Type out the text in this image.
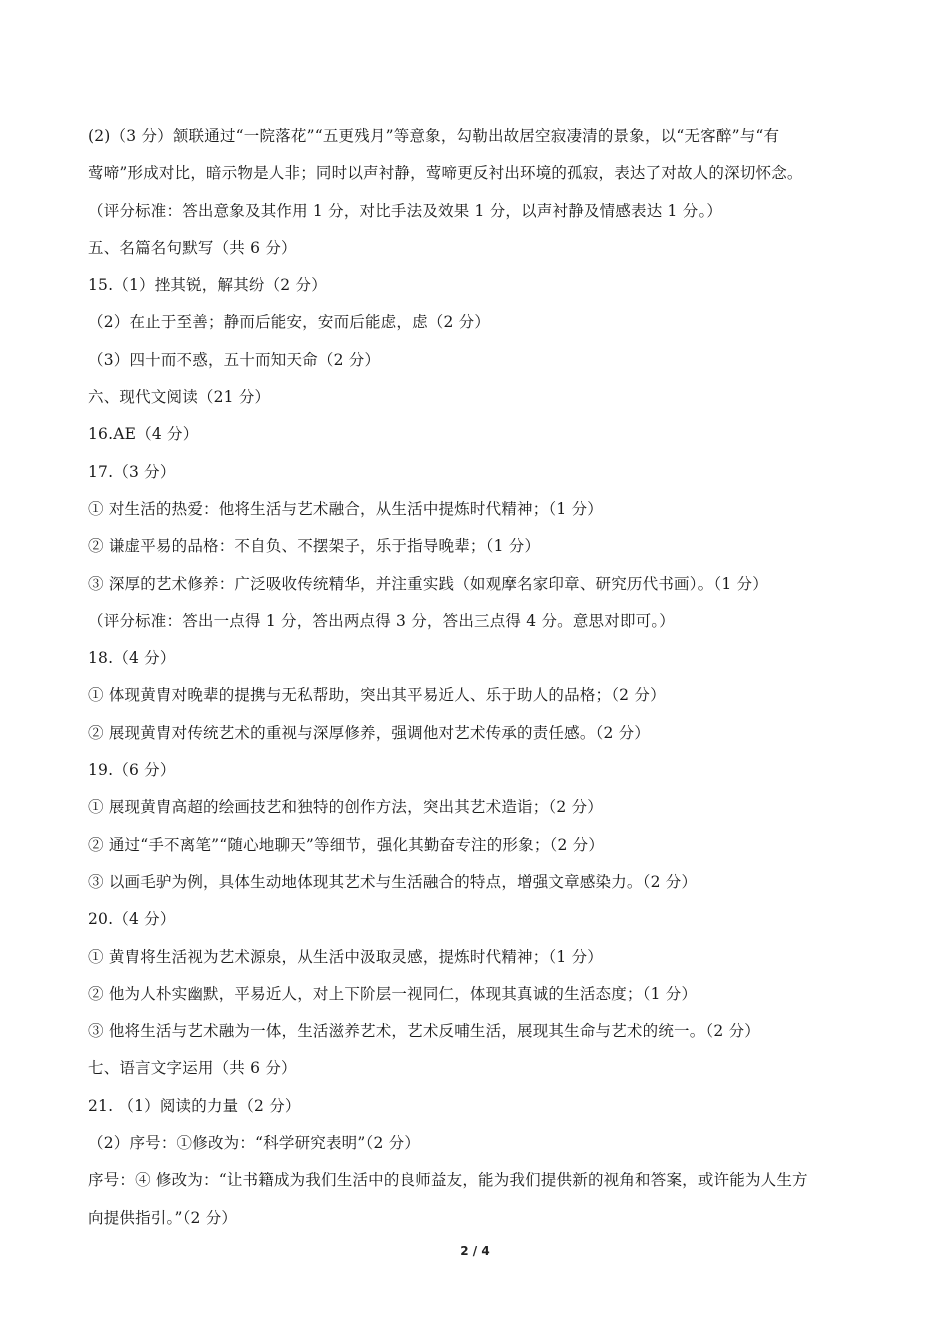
(2)（3 分）颔联通过“一院落花”“五更残月”等意象，勾勒出故居空寂凄清的景象，以“无客醉”与“有
莺啼”形成对比，暗示物是人非；同时以声衬静，莺啼更反衬出环境的孤寂，表达了对故人的深切怀念。
（评分标准：答出意象及其作用 1 分，对比手法及效果 1 分，以声衬静及情感表达 1 分。）
五、名篇名句默写（共 6 分）
15.（1）挫其锐，解其纷（2 分）
（2）在止于至善；静而后能安，安而后能虑，虑（2 分）
（3）四十而不惑，五十而知天命（2 分）
六、现代文阅读（21 分）
16.AE（4 分）
17.（3 分）
① 对生活的热爱：他将生活与艺术融合，从生活中提炼时代精神；（1 分）
② 谦虚平易的品格：不自负、不摆架子，乐于指导晚辈；（1 分）
③ 深厚的艺术修养：广泛吸收传统精华，并注重实践（如观摩名家印章、研究历代书画）。（1 分）
（评分标准：答出一点得 1 分，答出两点得 3 分，答出三点得 4 分。意思对即可。）
18.（4 分）
① 体现黄胄对晚辈的提携与无私帮助，突出其平易近人、乐于助人的品格；（2 分）
② 展现黄胄对传统艺术的重视与深厚修养，强调他对艺术传承的责任感。（2 分）
19.（6 分）
① 展现黄胄高超的绘画技艺和独特的创作方法，突出其艺术造诣；（2 分）
② 通过“手不离笔”“随心地聊天”等细节，强化其勤奋专注的形象；（2 分）
③ 以画毛驴为例，具体生动地体现其艺术与生活融合的特点，增强文章感染力。（2 分）
20.（4 分）
① 黄胄将生活视为艺术源泉，从生活中汲取灵感，提炼时代精神；（1 分）
② 他为人朴实幽默，平易近人，对上下阶层一视同仁，体现其真诚的生活态度；（1 分）
③ 他将生活与艺术融为一体，生活滋养艺术，艺术反哺生活，展现其生命与艺术的统一。（2 分）
七、语言文字运用（共 6 分）
21. （1）阅读的力量（2 分）
（2）序号：①修改为：“科学研究表明”（2 分）
序号：④ 修改为：“让书籍成为我们生活中的良师益友，能为我们提供新的视角和答案，或许能为人生方
向提供指引。”（2 分）
2 / 4
